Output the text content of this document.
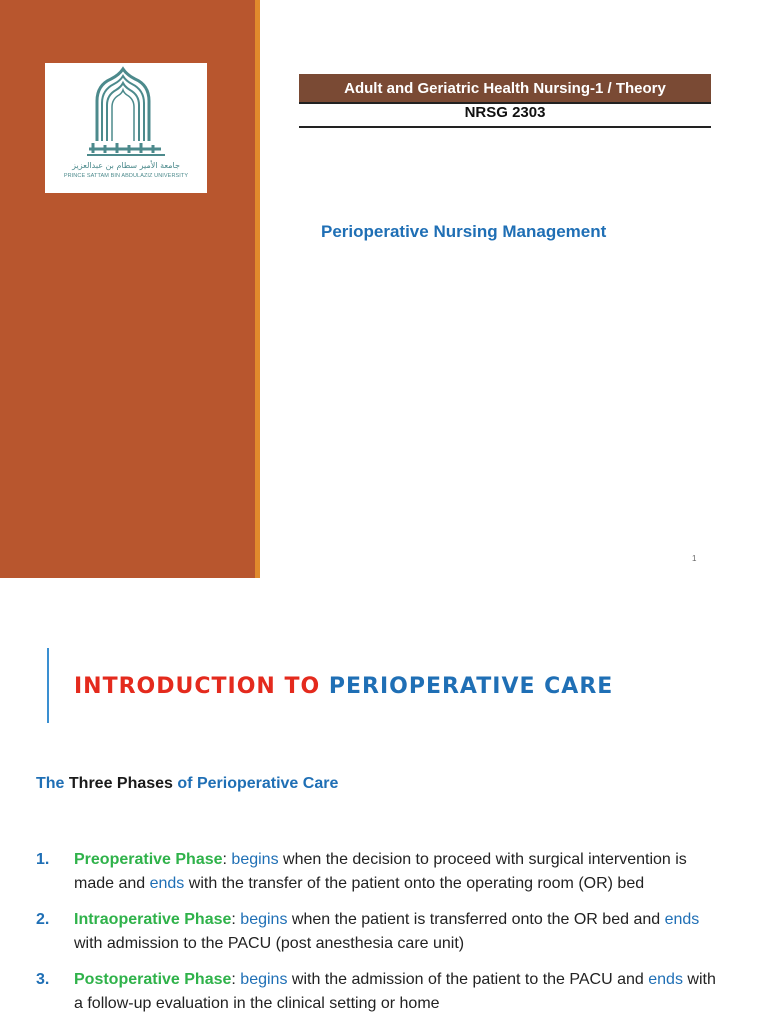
جامعة الأمير سطام بن عبدالعزيز
PRINCE SATTAM BIN ABDULAZIZ UNIVERSITY
Adult and Geriatric Health Nursing-1 / Theory
NRSG 2303
Perioperative Nursing Management
1
INTRODUCTION TO PERIOPERATIVE CARE
The Three Phases of Perioperative Care
1.	Preoperative Phase: begins when the decision to proceed with surgical intervention is made and ends with the transfer of the patient onto the operating room (OR) bed
2.	Intraoperative Phase: begins when the patient is transferred onto the OR bed and ends with admission to the PACU (post anesthesia care unit)
3.	Postoperative Phase: begins with the admission of the patient to the PACU and ends with a follow-up evaluation in the clinical setting or home
